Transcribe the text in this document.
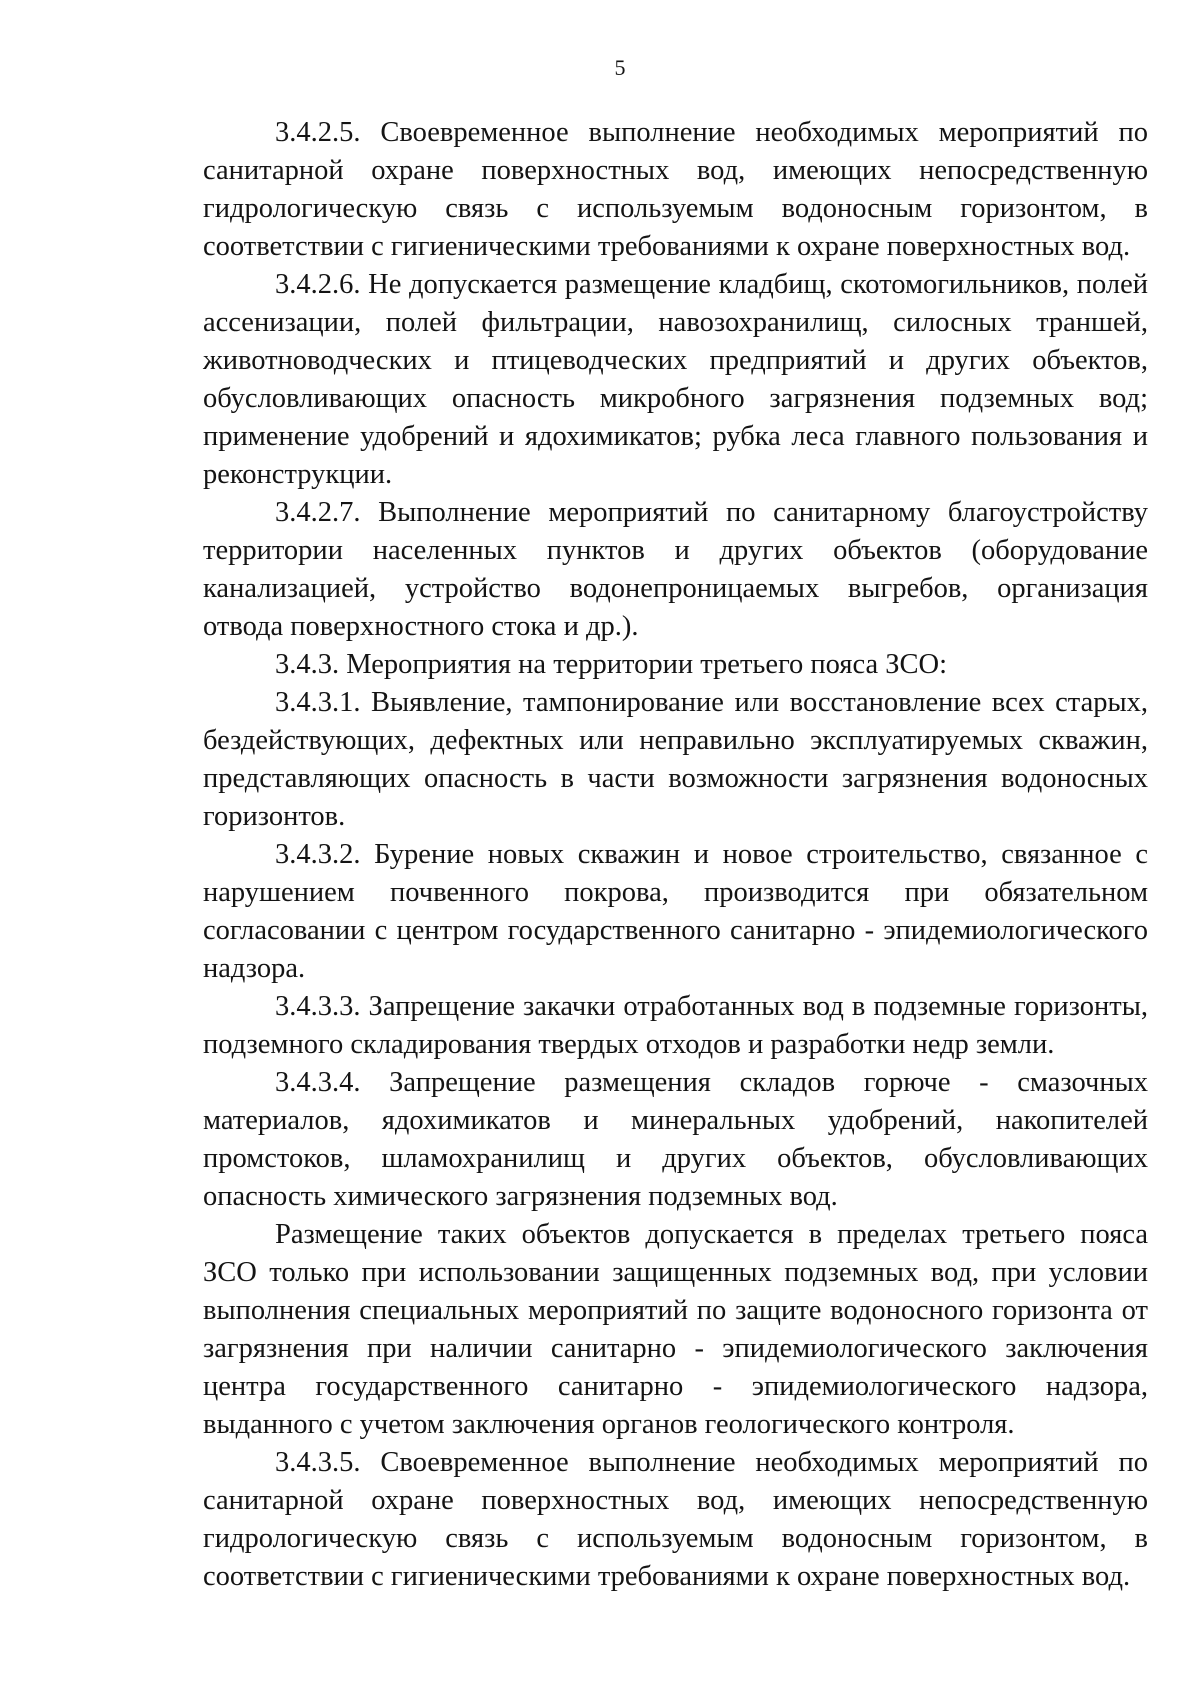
5

3.4.2.5. Своевременное выполнение необходимых мероприятий по санитарной охране поверхностных вод, имеющих непосредственную гидрологическую связь с используемым водоносным горизонтом, в соответствии с гигиеническими требованиями к охране поверхностных вод.

3.4.2.6. Не допускается размещение кладбищ, скотомогильников, полей ассенизации, полей фильтрации, навозохранилищ, силосных траншей, животноводческих и птицеводческих предприятий и других объектов, обусловливающих опасность микробного загрязнения подземных вод; применение удобрений и ядохимикатов; рубка леса главного пользования и реконструкции.

3.4.2.7. Выполнение мероприятий по санитарному благоустройству территории населенных пунктов и других объектов (оборудование канализацией, устройство водонепроницаемых выгребов, организация отвода поверхностного стока и др.).

3.4.3. Мероприятия на территории третьего пояса ЗСО:

3.4.3.1. Выявление, тампонирование или восстановление всех старых, бездействующих, дефектных или неправильно эксплуатируемых скважин, представляющих опасность в части возможности загрязнения водоносных горизонтов.

3.4.3.2. Бурение новых скважин и новое строительство, связанное с нарушением почвенного покрова, производится при обязательном согласовании с центром государственного санитарно - эпидемиологического надзора.

3.4.3.3. Запрещение закачки отработанных вод в подземные горизонты, подземного складирования твердых отходов и разработки недр земли.

3.4.3.4. Запрещение размещения складов горюче - смазочных материалов, ядохимикатов и минеральных удобрений, накопителей промстоков, шламохранилищ и других объектов, обусловливающих опасность химического загрязнения подземных вод.

Размещение таких объектов допускается в пределах третьего пояса ЗСО только при использовании защищенных подземных вод, при условии выполнения специальных мероприятий по защите водоносного горизонта от загрязнения при наличии санитарно - эпидемиологического заключения центра государственного санитарно - эпидемиологического надзора, выданного с учетом заключения органов геологического контроля.

3.4.3.5. Своевременное выполнение необходимых мероприятий по санитарной охране поверхностных вод, имеющих непосредственную гидрологическую связь с используемым водоносным горизонтом, в соответствии с гигиеническими требованиями к охране поверхностных вод.
